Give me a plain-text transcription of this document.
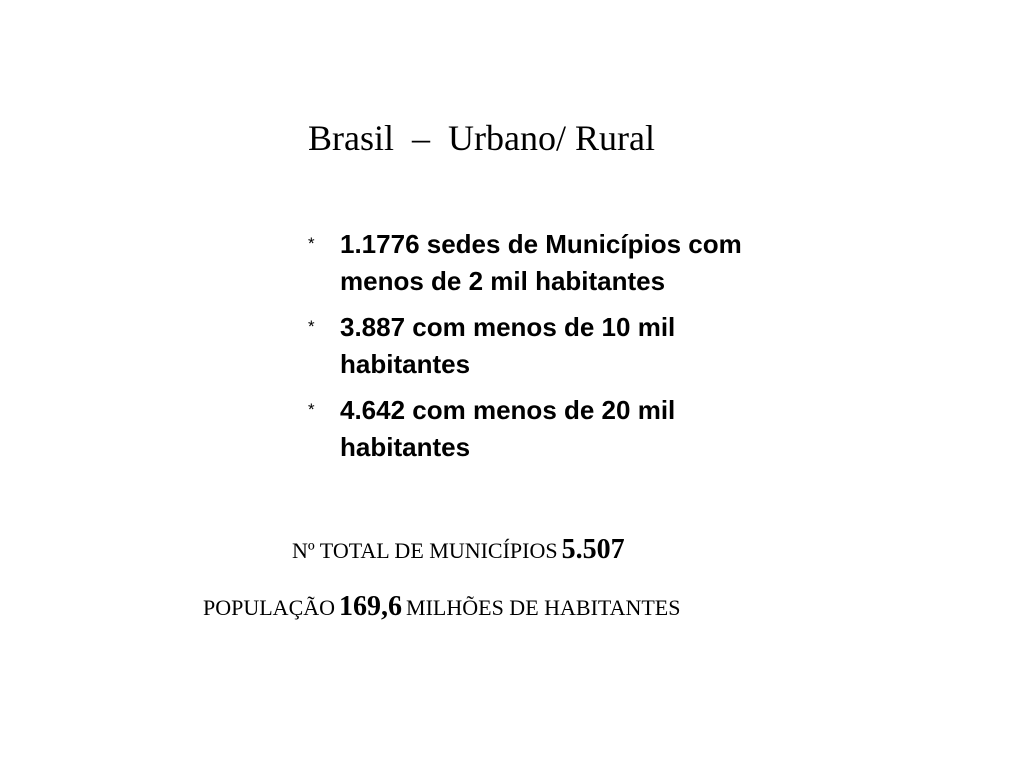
Brasil  –  Urbano/ Rural
* 1.1776 sedes de Municípios com menos de 2 mil habitantes
* 3.887 com menos de 10 mil habitantes
* 4.642 com menos de 20 mil habitantes
Nº TOTAL DE MUNICÍPIOS 5.507
POPULAÇÃO 169,6 MILHÕES DE HABITANTES
